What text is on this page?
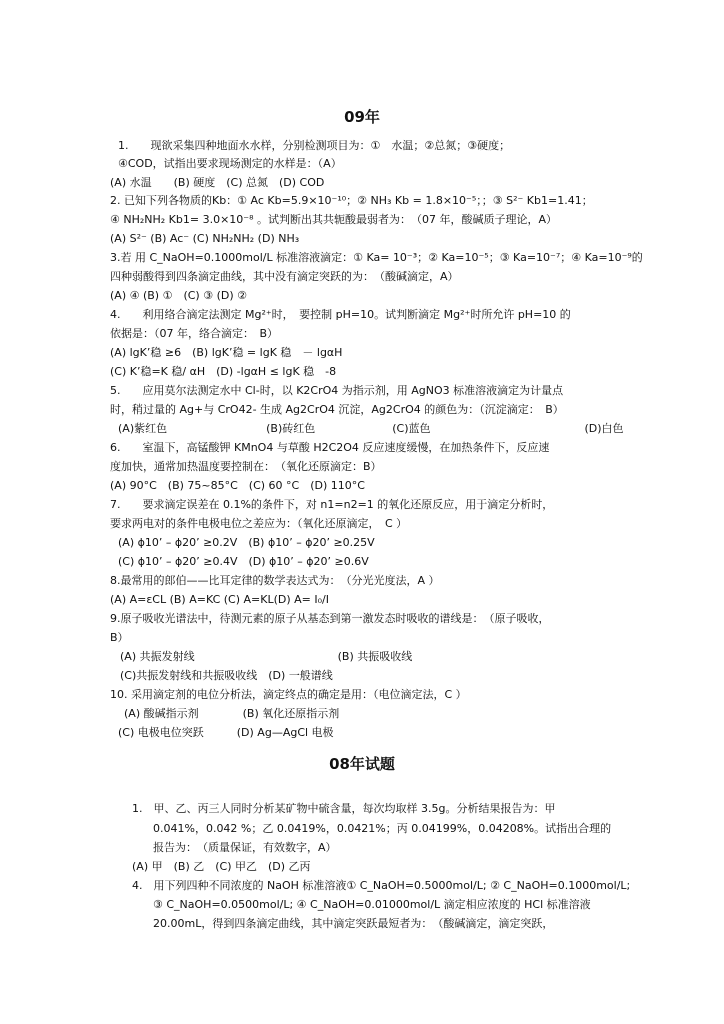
09年
1.　　现欲采集四种地面水水样，分别检测项目为：①　水温；②总氮；③硬度；
④COD，试指出要求现场测定的水样是：（A）
(A) 水温　　(B) 硬度　(C) 总氮　(D) COD
2. 已知下列各物质的Kb：① Ac Kb=5.9×10⁻¹⁰；② NH₃ Kb = 1.8×10⁻⁵；；③ S²⁻ Kb1=1.41；
④ NH₂NH₂ Kb1= 3.0×10⁻⁸ 。试判断出其共轭酸最弱者为：　（07 年，酸碱质子理论，A）
(A) S²⁻ (B) Ac⁻ (C) NH₂NH₂ (D) NH₃
3.若 用 C_NaOH=0.1000mol/L 标准溶液滴定：① Ka= 10⁻³；② Ka=10⁻⁵；③ Ka=10⁻⁷；④ Ka=10⁻⁹的
四种弱酸得到四条滴定曲线，其中没有滴定突跃的为：　（酸碱滴定，A）
(A) ④ (B) ①　(C) ③ (D) ②
4.　　利用络合滴定法测定 Mg²⁺时，　要控制 pH=10。试判断滴定 Mg²⁺时所允许 pH=10 的
依据是：（07 年，络合滴定：　B）
(A) lgK’稳 ≥6　(B) lgK’稳 = lgK 稳　－ lgαH
(C) K’稳=K 稳/ αH　(D) -lgαH ≤ lgK 稳　-8
5.　　应用莫尔法测定水中 Cl-时，以 K2CrO4 为指示剂，用 AgNO3 标准溶液滴定为计量点
时，稍过量的 Ag+与 CrO42- 生成 Ag2CrO4 沉淀，Ag2CrO4 的颜色为：（沉淀滴定：　B）
(A)紫红色　　　　　　　　　(B)砖红色　　　　　　　(C)蓝色　　　　　　　　　　　　　　(D)白色
6.　　室温下，高锰酸钾 KMnO4 与草酸 H2C2O4 反应速度缓慢，在加热条件下，反应速
度加快，通常加热温度要控制在：　（氧化还原滴定：B）
(A) 90°C　(B) 75~85°C　(C) 60 °C　(D) 110°C
7.　　要求滴定误差在 0.1%的条件下，对 n1=n2=1 的氧化还原反应，用于滴定分析时，
要求两电对的条件电极电位之差应为：（氧化还原滴定，　C ）
(A) ϕ10’ – ϕ20’ ≥0.2V　(B) ϕ10’ – ϕ20’ ≥0.25V
(C) ϕ10’ – ϕ20’ ≥0.4V　(D) ϕ10’ – ϕ20’ ≥0.6V
8.最常用的郎伯——比耳定律的数学表达式为：　（分光光度法，A ）
(A) A=εCL (B) A=KC (C) A=KL(D) A= I₀/I
9.原子吸收光谱法中，待测元素的原子从基态到第一激发态时吸收的谱线是：　（原子吸收，
B）
(A) 共振发射线　　　　　　　　　　　　　(B) 共振吸收线
(C)共振发射线和共振吸收线　(D) 一般谱线
10. 采用滴定剂的电位分析法，滴定终点的确定是用：（电位滴定法，C ）
(A) 酸碱指示剂　　　　(B) 氧化还原指示剂
(C) 电极电位突跃　　　(D) Ag—AgCl 电极
08年试题
1.　甲、乙、丙三人同时分析某矿物中硫含量，每次均取样 3.5g。分析结果报告为：甲
0.041%，0.042 %；乙 0.0419%，0.0421%；丙 0.04199%，0.04208%。试指出合理的
报告为：　（质量保证，有效数字，A）
(A) 甲　(B) 乙　(C) 甲乙　(D) 乙丙
4.　用下列四种不同浓度的 NaOH 标准溶液① C_NaOH=0.5000mol/L; ② C_NaOH=0.1000mol/L;
③ C_NaOH=0.0500mol/L; ④ C_NaOH=0.01000mol/L 滴定相应浓度的 HCl 标准溶液
20.00mL，得到四条滴定曲线，其中滴定突跃最短者为：　（酸碱滴定，滴定突跃，
